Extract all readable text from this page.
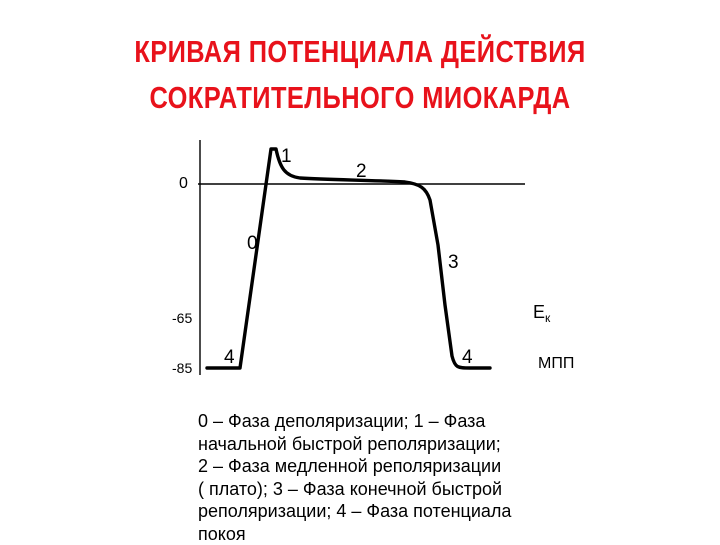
КРИВАЯ ПОТЕНЦИАЛА ДЕЙСТВИЯ
СОКРАТИТЕЛЬНОГО МИОКАРДА
0
-65
-85
1
2
0
3
4	4
$E_к$
МПП
0 – Фаза деполяризации; 1 – Фаза
начальной быстрой реполяризации;
2 – Фаза медленной реполяризации
( плато); 3 – Фаза конечной быстрой
реполяризации; 4 – Фаза потенциала
покоя
